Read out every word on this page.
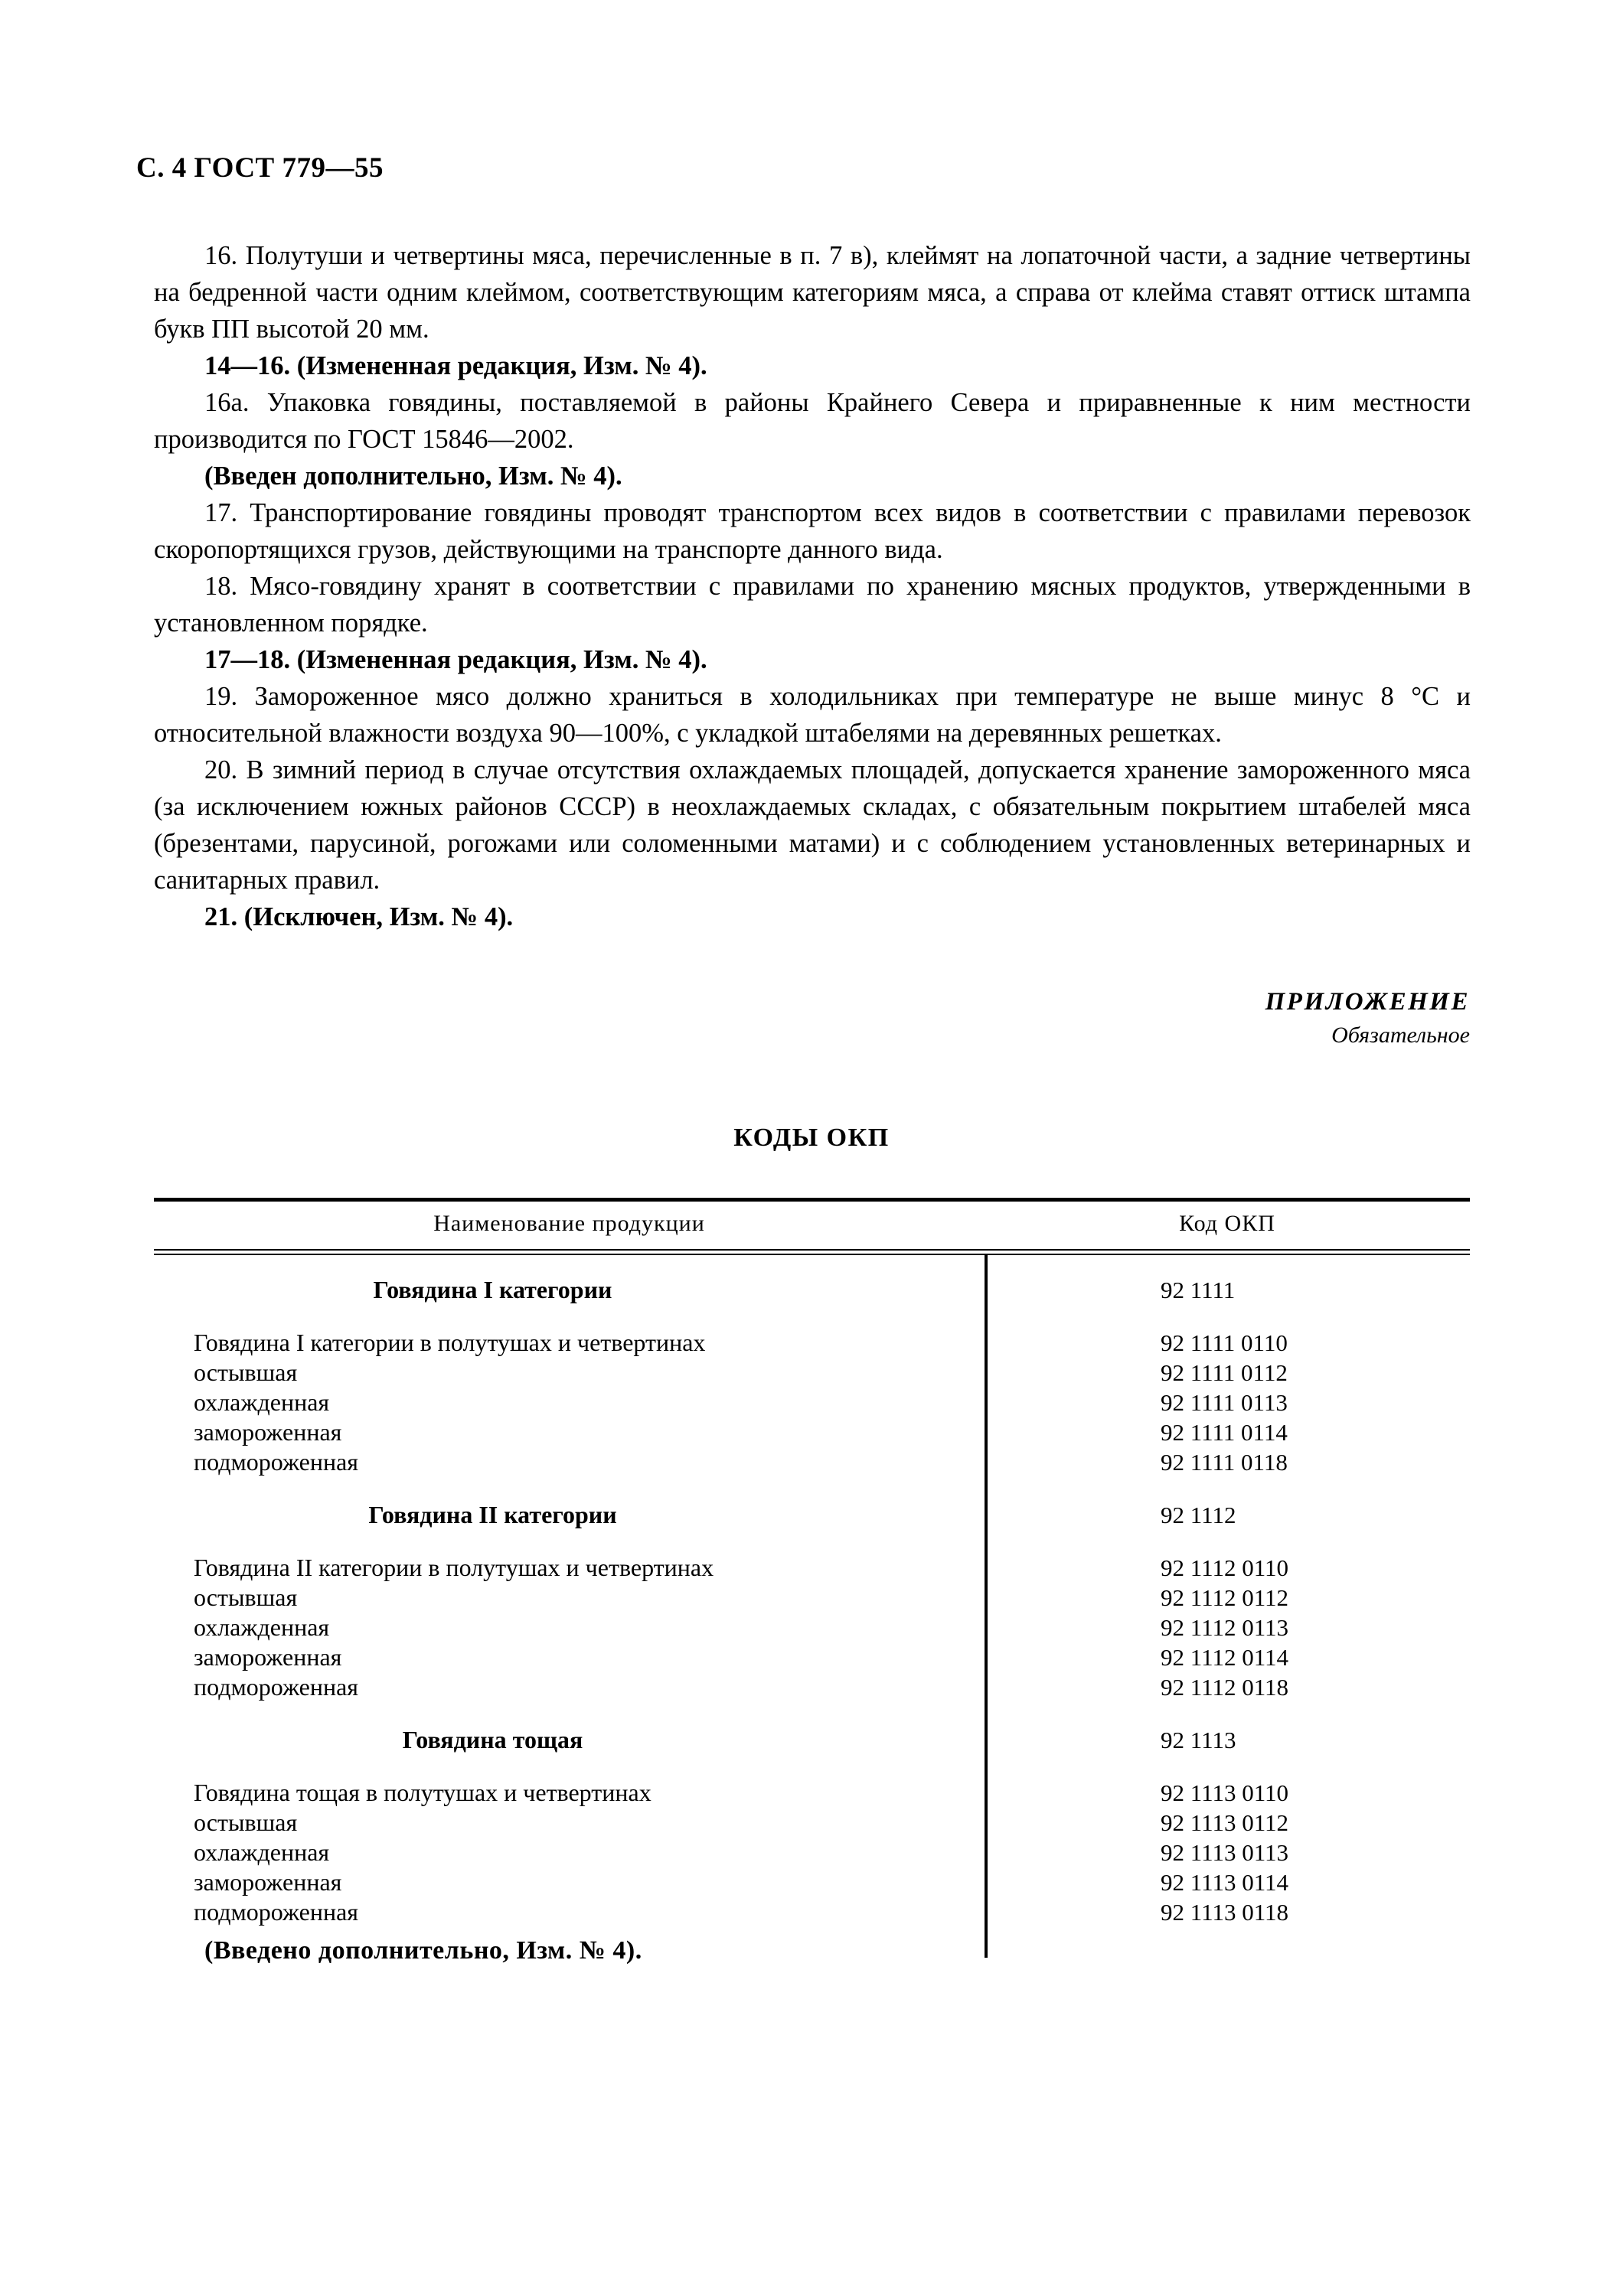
С. 4 ГОСТ 779—55

16. Полутуши и четвертины мяса, перечисленные в п. 7 в), клеймят на лопаточной части, а задние четвертины на бедренной части одним клеймом, соответствующим категориям мяса, а справа от клейма ставят оттиск штампа букв ПП высотой 20 мм.

14—16. (Измененная редакция, Изм. № 4).

16а. Упаковка говядины, поставляемой в районы Крайнего Севера и приравненные к ним местности производится по ГОСТ 15846—2002.

(Введен дополнительно, Изм. № 4).

17. Транспортирование говядины проводят транспортом всех видов в соответствии с правилами перевозок скоропортящихся грузов, действующими на транспорте данного вида.

18. Мясо-говядину хранят в соответствии с правилами по хранению мясных продуктов, утвержденными в установленном порядке.

17—18. (Измененная редакция, Изм. № 4).

19. Замороженное мясо должно храниться в холодильниках при температуре не выше минус 8 °С и относительной влажности воздуха 90—100%, с укладкой штабелями на деревянных решетках.

20. В зимний период в случае отсутствия охлаждаемых площадей, допускается хранение замороженного мяса (за исключением южных районов СССР) в неохлаждаемых складах, с обязательным покрытием штабелей мяса (брезентами, парусиной, рогожами или соломенными матами) и с соблюдением установленных ветеринарных и санитарных правил.

21. (Исключен, Изм. № 4).

ПРИЛОЖЕНИЕ
Обязательное
КОДЫ ОКП
Наименование продукции	Код ОКП
Говядина I категории	92 1111
Говядина I категории в полутушах и четвертинах	92 1111 0110
остывшая	92 1111 0112
охлажденная	92 1111 0113
замороженная	92 1111 0114
подмороженная	92 1111 0118
Говядина II категории	92 1112
Говядина II категории в полутушах и четвертинах	92 1112 0110
остывшая	92 1112 0112
охлажденная	92 1112 0113
замороженная	92 1112 0114
подмороженная	92 1112 0118
Говядина тощая	92 1113
Говядина тощая в полутушах и четвертинах	92 1113 0110
остывшая	92 1113 0112
охлажденная	92 1113 0113
замороженная	92 1113 0114
подмороженная	92 1113 0118
(Введено дополнительно, Изм. № 4).
